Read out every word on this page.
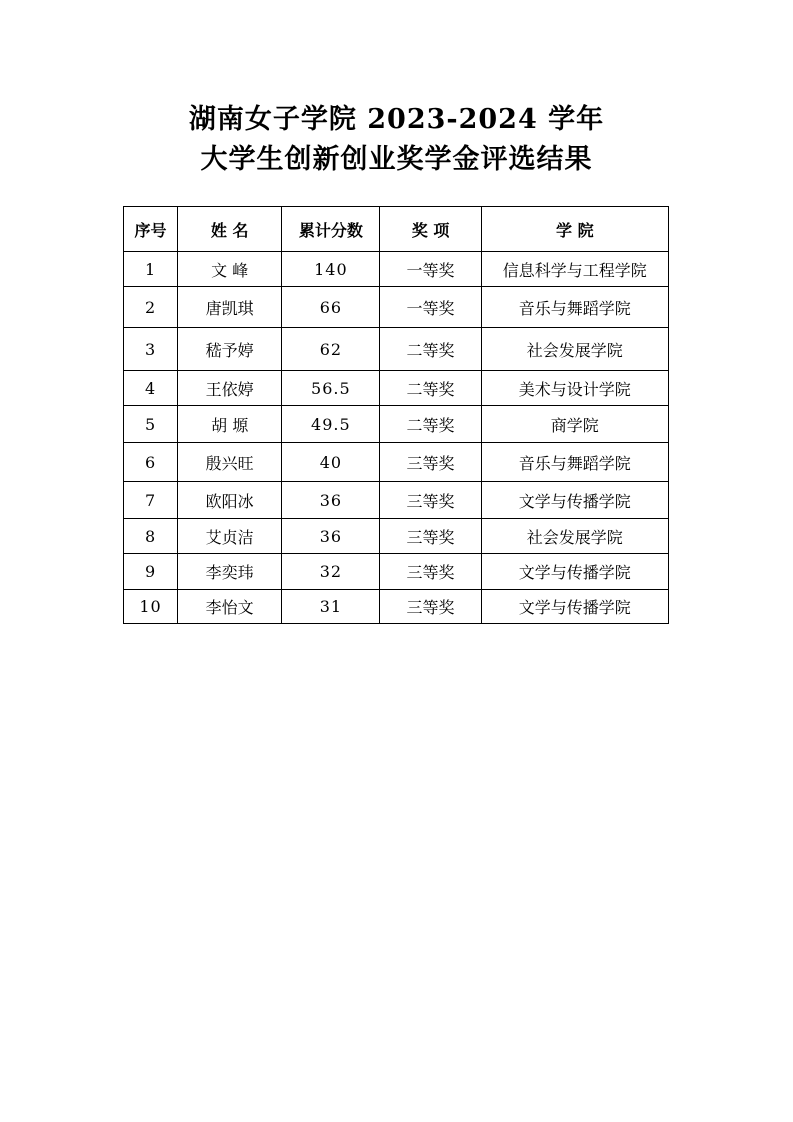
湖南女子学院 2023-2024 学年
大学生创新创业奖学金评选结果
序号	姓 名	累计分数	奖 项	学 院
1	文 峰	140	一等奖	信息科学与工程学院
2	唐凯琪	66	一等奖	音乐与舞蹈学院
3	嵇予婷	62	二等奖	社会发展学院
4	王依婷	56.5	二等奖	美术与设计学院
5	胡 塬	49.5	二等奖	商学院
6	殷兴旺	40	三等奖	音乐与舞蹈学院
7	欧阳冰	36	三等奖	文学与传播学院
8	艾贞洁	36	三等奖	社会发展学院
9	李奕玮	32	三等奖	文学与传播学院
10	李怡文	31	三等奖	文学与传播学院
